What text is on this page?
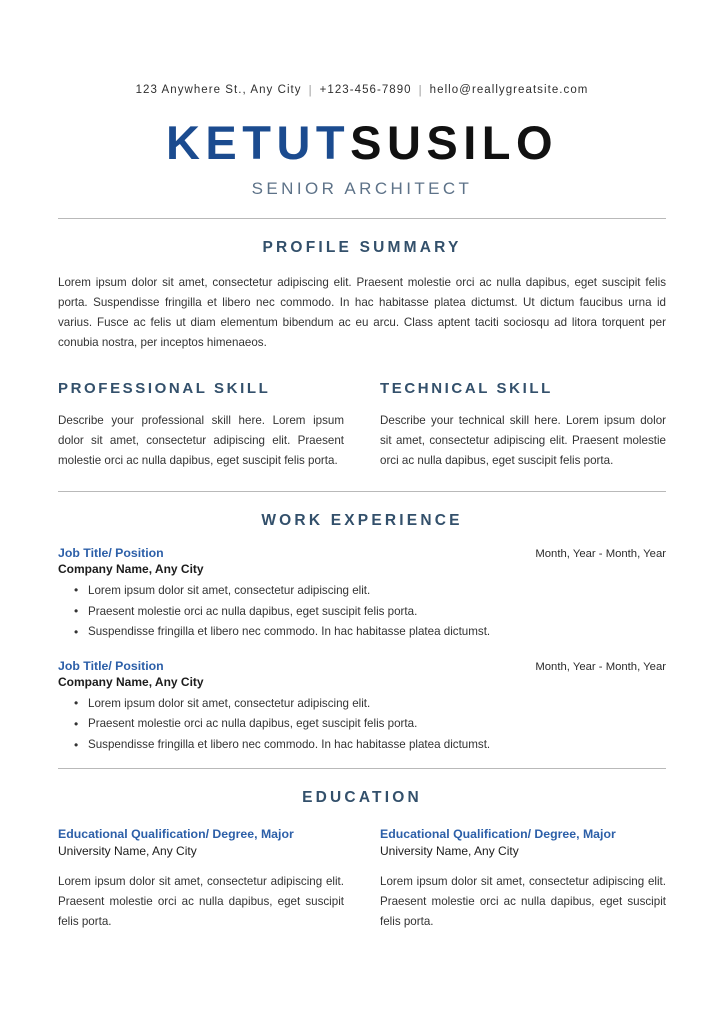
123 Anywhere St., Any City | +123-456-7890 | hello@reallygreatsite.com
KETUTSUSILO
SENIOR ARCHITECT
PROFILE SUMMARY
Lorem ipsum dolor sit amet, consectetur adipiscing elit. Praesent molestie orci ac nulla dapibus, eget suscipit felis porta. Suspendisse fringilla et libero nec commodo. In hac habitasse platea dictumst. Ut dictum faucibus urna id varius. Fusce ac felis ut diam elementum bibendum ac eu arcu. Class aptent taciti sociosqu ad litora torquent per conubia nostra, per inceptos himenaeos.
PROFESSIONAL SKILL
Describe your professional skill here. Lorem ipsum dolor sit amet, consectetur adipiscing elit. Praesent molestie orci ac nulla dapibus, eget suscipit felis porta.
TECHNICAL SKILL
Describe your technical skill here. Lorem ipsum dolor sit amet, consectetur adipiscing elit. Praesent molestie orci ac nulla dapibus, eget suscipit felis porta.
WORK EXPERIENCE
Job Title/ Position	Month, Year - Month, Year
Company Name, Any City
• Lorem ipsum dolor sit amet, consectetur adipiscing elit.
• Praesent molestie orci ac nulla dapibus, eget suscipit felis porta.
• Suspendisse fringilla et libero nec commodo. In hac habitasse platea dictumst.
Job Title/ Position	Month, Year - Month, Year
Company Name, Any City
• Lorem ipsum dolor sit amet, consectetur adipiscing elit.
• Praesent molestie orci ac nulla dapibus, eget suscipit felis porta.
• Suspendisse fringilla et libero nec commodo. In hac habitasse platea dictumst.
EDUCATION
Educational Qualification/ Degree, Major
University Name, Any City
Lorem ipsum dolor sit amet, consectetur adipiscing elit. Praesent molestie orci ac nulla dapibus, eget suscipit felis porta.
Educational Qualification/ Degree, Major
University Name, Any City
Lorem ipsum dolor sit amet, consectetur adipiscing elit. Praesent molestie orci ac nulla dapibus, eget suscipit felis porta.
